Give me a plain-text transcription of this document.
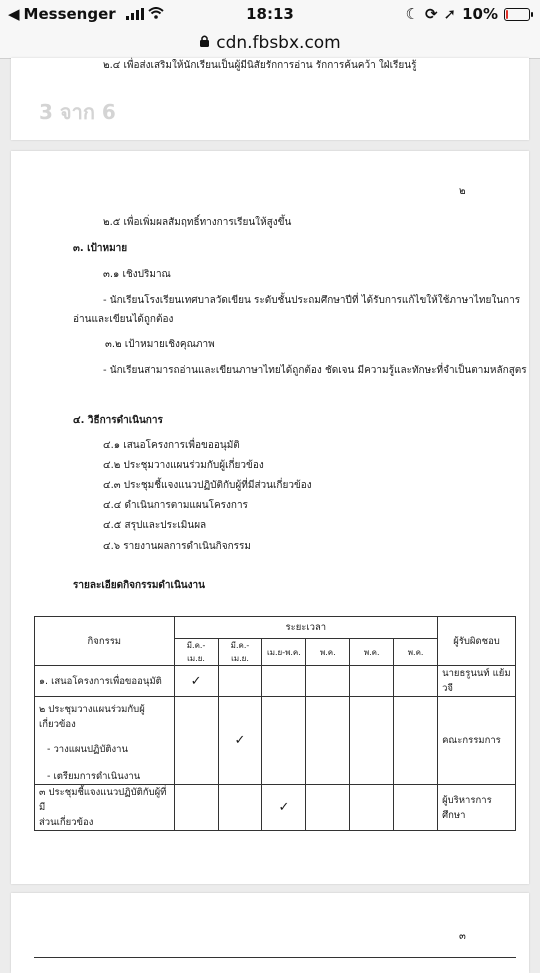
◀ Messenger	18:13	☾ ⟳ ➚ 10%
cdn.fbsbx.com
๒.๔ เพื่อส่งเสริมให้นักเรียนเป็นผู้มีนิสัยรักการอ่าน รักการค้นคว้า ใฝ่เรียนรู้
3 จาก 6
๒
๒.๕ เพื่อเพิ่มผลสัมฤทธิ์ทางการเรียนให้สูงขึ้น
๓. เป้าหมาย
๓.๑ เชิงปริมาณ
- นักเรียนโรงเรียนเทศบาลวัดเขียน ระดับชั้นประถมศึกษาปีที่ ได้รับการแก้ไขให้ใช้ภาษาไทยในการ
อ่านและเขียนได้ถูกต้อง
๓.๒ เป้าหมายเชิงคุณภาพ
- นักเรียนสามารถอ่านและเขียนภาษาไทยได้ถูกต้อง ชัดเจน มีความรู้และทักษะที่จำเป็นตามหลักสูตร
๔. วิธีการดำเนินการ
๔.๑ เสนอโครงการเพื่อขออนุมัติ
๔.๒ ประชุมวางแผนร่วมกับผู้เกี่ยวข้อง
๔.๓ ประชุมชี้แจงแนวปฏิบัติกับผู้ที่มีส่วนเกี่ยวข้อง
๔.๔ ดำเนินการตามแผนโครงการ
๔.๕ สรุปและประเมินผล
๔.๖ รายงานผลการดำเนินกิจกรรม
รายละเอียดกิจกรรมดำเนินงาน
กิจกรรม	ระยะเวลา						ผู้รับผิดชอบ
	มี.ค.-เม.ย.	มี.ค.-เม.ย.	เม.ย-พ.ค.	พ.ค.	พ.ค.	พ.ค.	
๑. เสนอโครงการเพื่อขออนุมัติ	✓						นายธรูนนท์ แย้มวจี

๒ ประชุมวางแผนร่วมกับผู้เกี่ยวข้อง
- วางแผนปฏิบัติงาน
- เตรียมการดำเนินงาน		✓					คณะกรรมการ

๓ ประชุมชี้แจงแนวปฏิบัติกับผู้ที่มี
ส่วนเกี่ยวข้อง			✓				ผู้บริหารการศึกษา
๓
